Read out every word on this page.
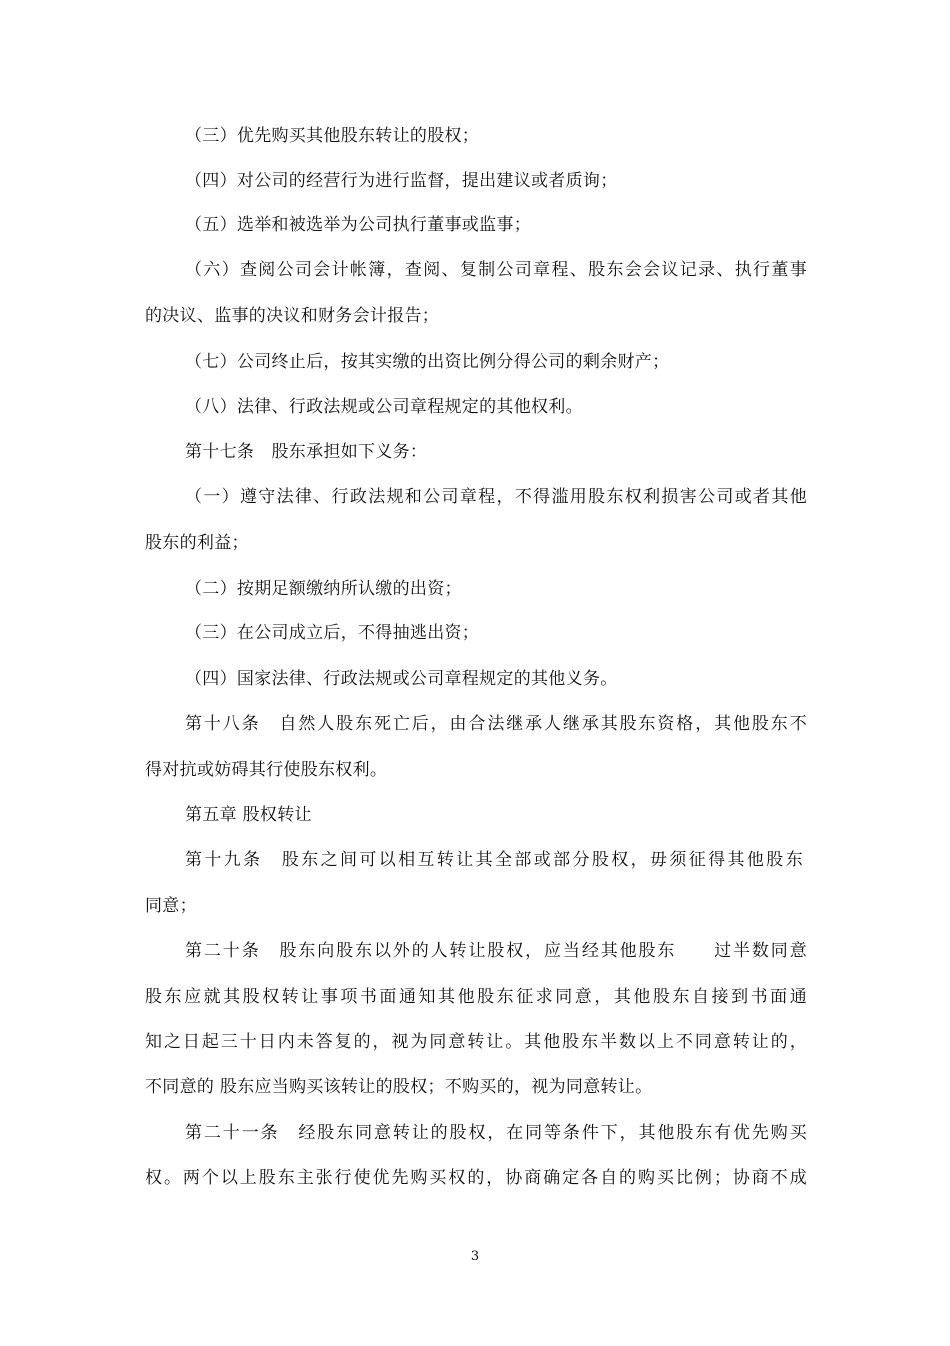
（三）优先购买其他股东转让的股权；
（四）对公司的经营行为进行监督，提出建议或者质询；
（五）选举和被选举为公司执行董事或监事；
（六）查阅公司会计帐簿，查阅、复制公司章程、股东会会议记录、执行董事
的决议、监事的决议和财务会计报告；
（七）公司终止后，按其实缴的出资比例分得公司的剩余财产；
（八）法律、行政法规或公司章程规定的其他权利。
第十七条　股东承担如下义务：
（一）遵守法律、行政法规和公司章程，不得滥用股东权利损害公司或者其他
股东的利益；
（二）按期足额缴纳所认缴的出资；
（三）在公司成立后，不得抽逃出资；
（四）国家法律、行政法规或公司章程规定的其他义务。
第十八条　自然人股东死亡后，由合法继承人继承其股东资格，其他股东不
得对抗或妨碍其行使股东权利。
第五章 股权转让
第十九条　股东之间可以相互转让其全部或部分股权，毋须征得其他股东
同意；
第二十条　股东向股东以外的人转让股权，应当经其他股东　　过半数同意
股东应就其股权转让事项书面通知其他股东征求同意，其他股东自接到书面通
知之日起三十日内未答复的，视为同意转让。其他股东半数以上不同意转让的，
不同意的 股东应当购买该转让的股权；不购买的，视为同意转让。
第二十一条　经股东同意转让的股权，在同等条件下，其他股东有优先购买
权。两个以上股东主张行使优先购买权的，协商确定各自的购买比例；协商不成
3
